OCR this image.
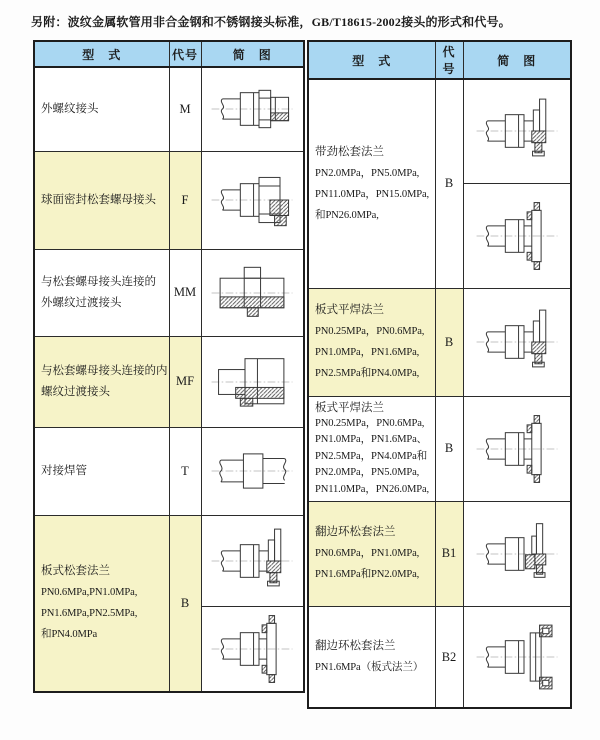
另附：波纹金属软管用非合金钢和不锈钢接头标准，GB/T18615-2002接头的形式和代号。
型　式	代号	简　图

外螺纹接头	M	

球面密封松套螺母接头	F	

与松套螺母接头连接的
外螺纹过渡接头	MM	

与松套螺母接头连接的内
螺纹过渡接头	MF	

对接焊管	T	

板式松套法兰
PN0.6MPa,PN1.0MPa,
PN1.6MPa,PN2.5MPa,
和PN4.0MPa	B	

型　式	代号	简　图

带劲松套法兰
PN2.0MPa，PN5.0MPa,
PN11.0MPa，PN15.0MPa,
和PN26.0MPa,	B	

板式平焊法兰
PN0.25MPa，PN0.6MPa,
PN1.0MPa，PN1.6MPa,
PN2.5MPa和PN4.0MPa,	B	

板式平焊法兰
PN0.25MPa，PN0.6MPa,
PN1.0MPa，PN1.6MPa、
PN2.5MPa，PN4.0MPa和
PN2.0MPa，PN5.0MPa,
PN11.0MPa，PN26.0MPa,
	B	

翻边环松套法兰
PN0.6MPa，PN1.0MPa,
PN1.6MPa和PN2.0MPa,	B1	

翻边环松套法兰
PN1.6MPa（板式法兰）	B2	
